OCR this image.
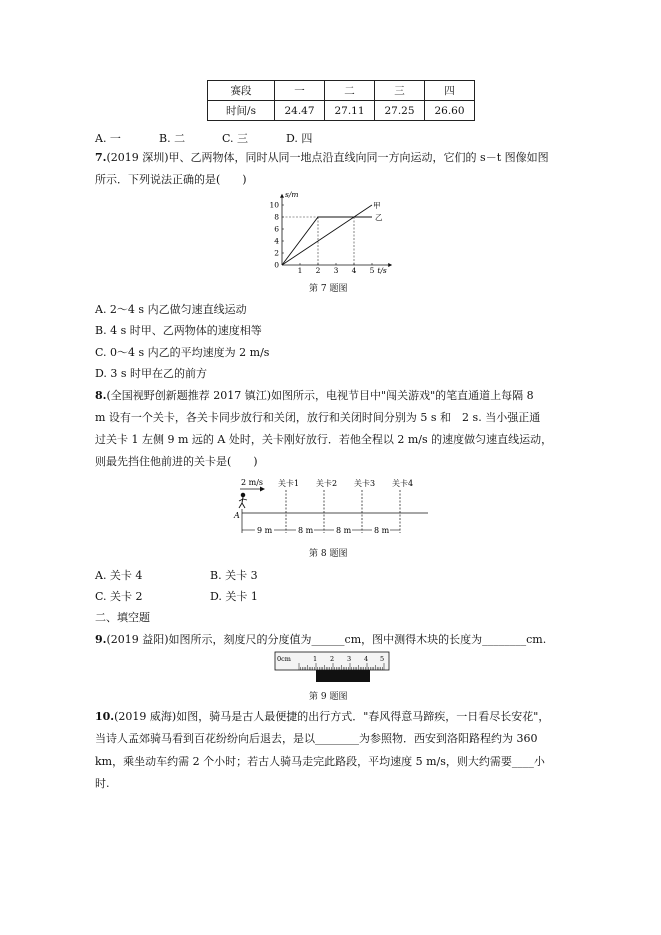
赛段	一	二	三	四
时间/s	24.47	27.11	27.25	26.60
A. 一	B. 二	C. 三	D. 四
7.(2019 深圳)甲、乙两物体，同时从同一地点沿直线向同一方向运动，它们的 s－t 图像如图
所示．下列说法正确的是(　　)
s/m
t/s
10
8
6
4
2
0
1 2 3 4 5
甲
乙
第 7 题图
A. 2～4 s 内乙做匀速直线运动
B. 4 s 时甲、乙两物体的速度相等
C. 0～4 s 内乙的平均速度为 2 m/s
D. 3 s 时甲在乙的前方
8.(全国视野创新题推荐 2017 镇江)如图所示，电视节目中"闯关游戏"的笔直通道上每隔 8
m 设有一个关卡，各关卡同步放行和关闭，放行和关闭时间分别为 5 s 和　2 s. 当小强正通
过关卡 1 左侧 9 m 远的 A 处时，关卡刚好放行．若他全程以 2 m/s 的速度做匀速直线运动，
则最先挡住他前进的关卡是(　　)
2 m/s
A
关卡1 关卡2 关卡3 关卡4
9 m	8 m	8 m	8 m
第 8 题图
A. 关卡 4	B. 关卡 3
C. 关卡 2	D. 关卡 1
二、填空题
9.(2019 益阳)如图所示，刻度尺的分度值为______cm，图中测得木块的长度为________cm.
0cm	1 2 3 4 5
第 9 题图
10.(2019 威海)如图，骑马是古人最便捷的出行方式．"春风得意马蹄疾，一日看尽长安花"，
当诗人孟郊骑马看到百花纷纷向后退去，是以________为参照物．西安到洛阳路程约为 360
km，乘坐动车约需 2 个小时；若古人骑马走完此路段，平均速度 5 m/s，则大约需要____小
时.
